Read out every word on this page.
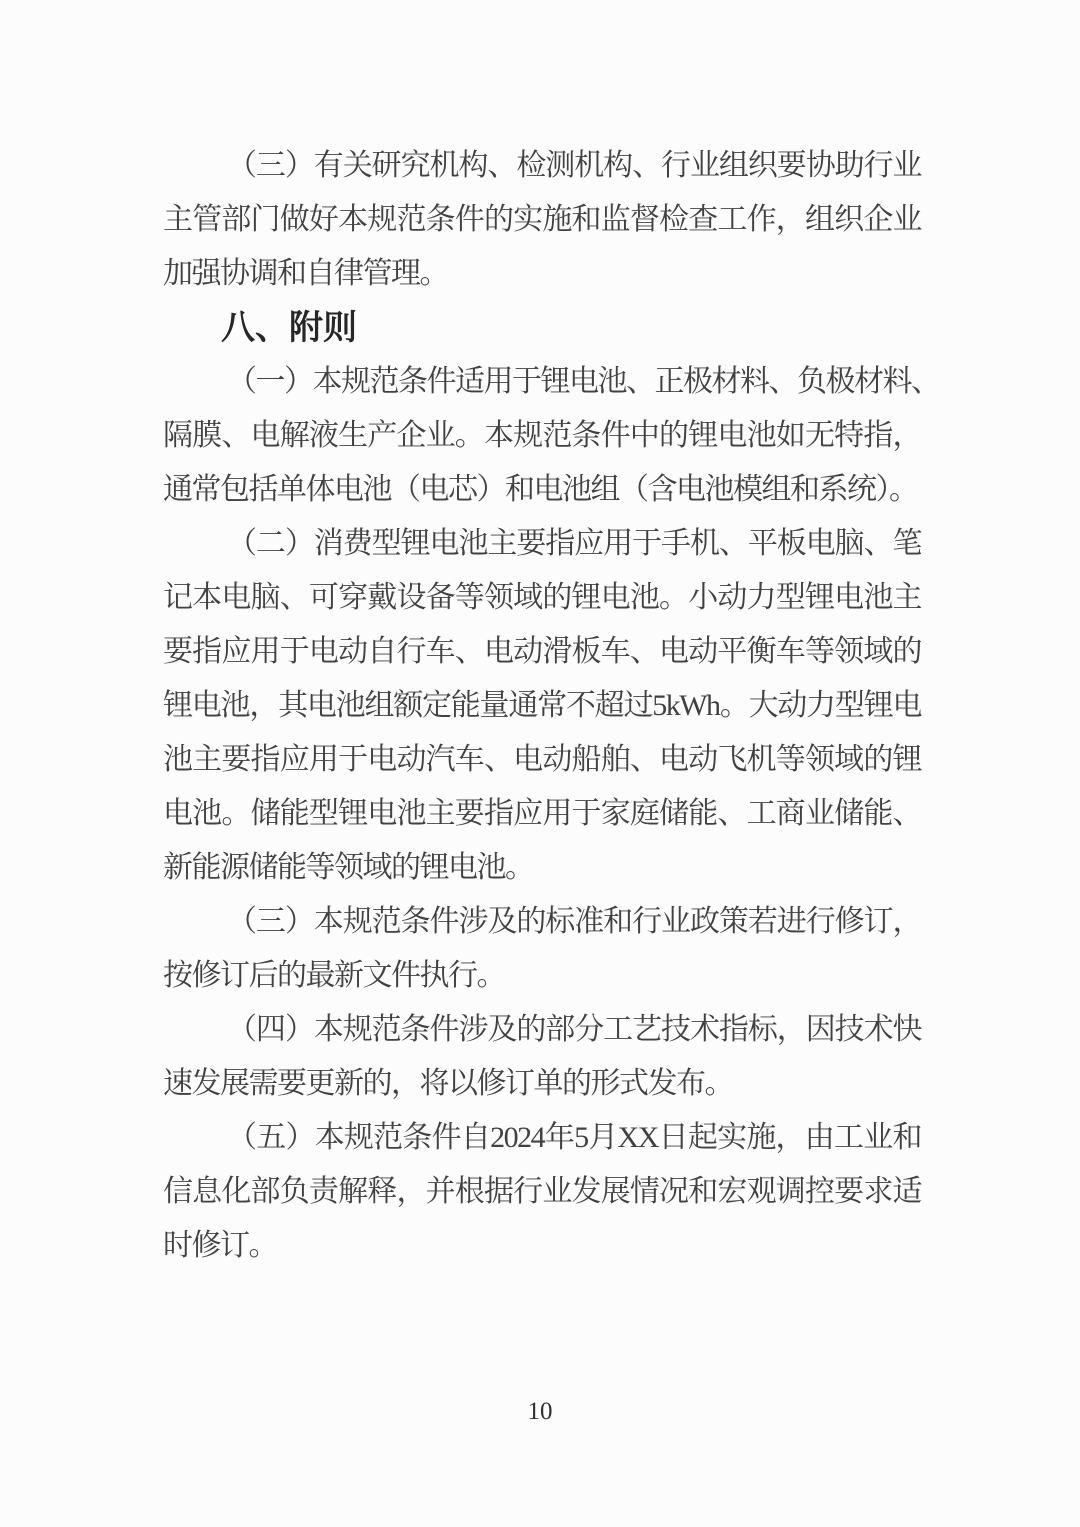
（三）有关研究机构、检测机构、行业组织要协助行业
主管部门做好本规范条件的实施和监督检查工作，组织企业
加强协调和自律管理。
八、附则
（一）本规范条件适用于锂电池、正极材料、负极材料、
隔膜、电解液生产企业。本规范条件中的锂电池如无特指，
通常包括单体电池（电芯）和电池组（含电池模组和系统）。
（二）消费型锂电池主要指应用于手机、平板电脑、笔
记本电脑、可穿戴设备等领域的锂电池。小动力型锂电池主
要指应用于电动自行车、电动滑板车、电动平衡车等领域的
锂电池，其电池组额定能量通常不超过5kWh。大动力型锂电
池主要指应用于电动汽车、电动船舶、电动飞机等领域的锂
电池。储能型锂电池主要指应用于家庭储能、工商业储能、
新能源储能等领域的锂电池。
（三）本规范条件涉及的标准和行业政策若进行修订，
按修订后的最新文件执行。
（四）本规范条件涉及的部分工艺技术指标，因技术快
速发展需要更新的，将以修订单的形式发布。
（五）本规范条件自2024年5月XX日起实施，由工业和
信息化部负责解释，并根据行业发展情况和宏观调控要求适
时修订。
10
